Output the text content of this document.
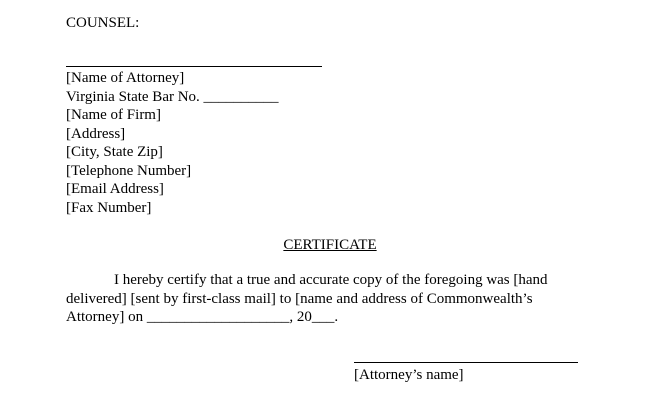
COUNSEL:
[Name of Attorney]
Virginia State Bar No. __________
[Name of Firm]
[Address]
[City, State Zip]
[Telephone Number]
[Email Address]
[Fax Number]
CERTIFICATE
I hereby certify that a true and accurate copy of the foregoing was [hand
delivered] [sent by first-class mail] to [name and address of Commonwealth’s
Attorney] on ___________________, 20___.
[Attorney’s name]
